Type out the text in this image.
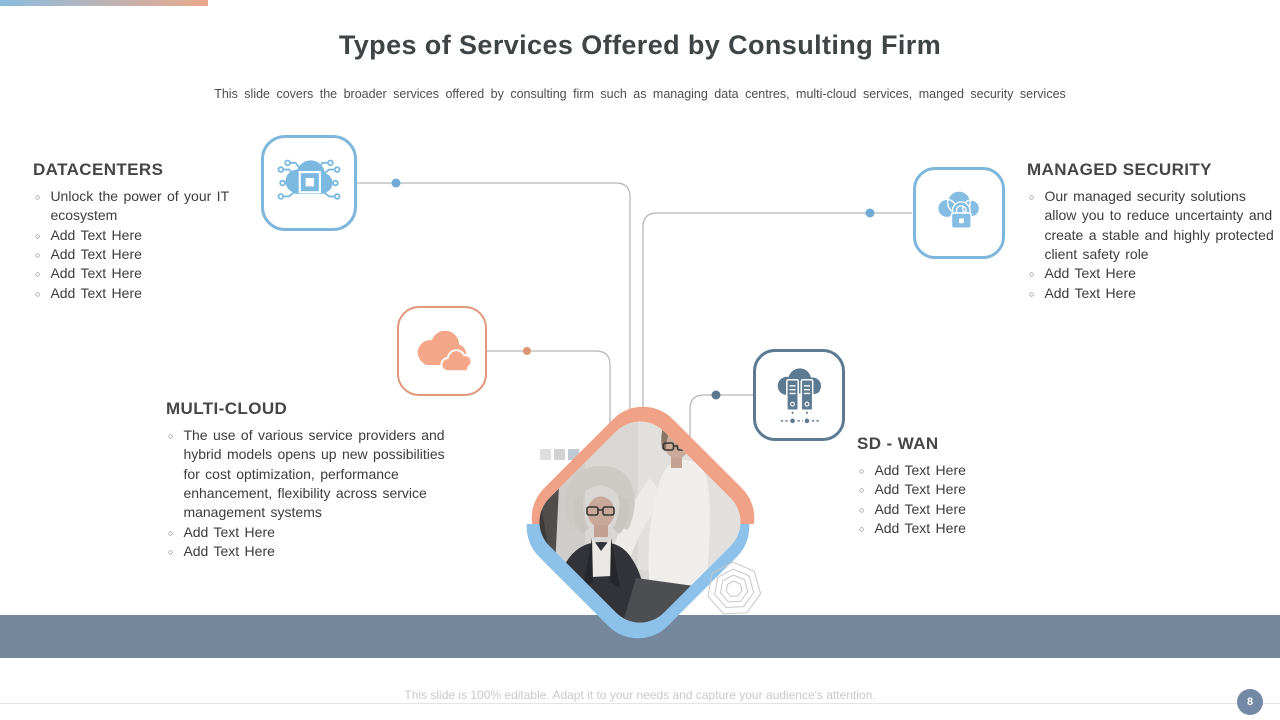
Types of Services Offered by Consulting Firm
This slide covers the broader services offered by consulting firm such as managing data centres, multi-cloud services, manged security services
DATACENTERS
○ Unlock the power of your IT ecosystem
○ Add Text Here
○ Add Text Here
○ Add Text Here
○ Add Text Here
MULTI-CLOUD
○ The use of various service providers and hybrid models opens up new possibilities for cost optimization, performance enhancement, flexibility across service management systems
○ Add Text Here
○ Add Text Here
MANAGED SECURITY
○ Our managed security solutions allow you to reduce uncertainty and create a stable and highly protected client safety role
○ Add Text Here
○ Add Text Here
SD - WAN
○ Add Text Here
○ Add Text Here
○ Add Text Here
○ Add Text Here
This slide is 100% editable. Adapt it to your needs and capture your audience's attention.	8
